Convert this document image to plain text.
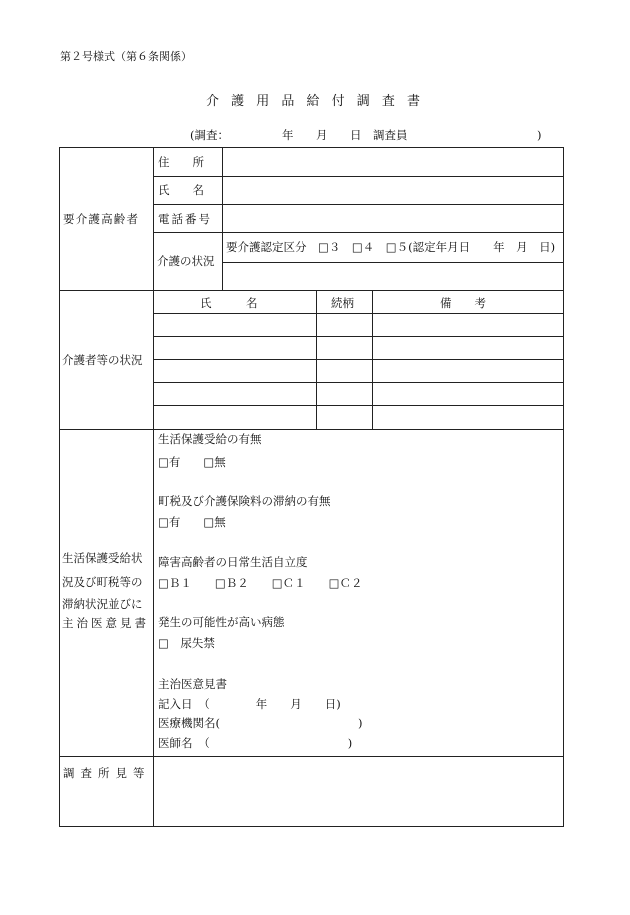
第２号様式（第６条関係）
介 護 用 品 給 付 調 査 書
(調査：	年 月 日 調査員	)
要介護高齢者
住　　所
氏　　名
電話番号
介護の状況
要介護認定区分　□３　□４　□５(認定年月日　　年　月　日)
介護者等の状況
氏　　　名	続柄	備　　考
生活保護受給状
況及び町税等の
滞納状況並びに
主治医意見書
生活保護受給の有無
□有　　□無
町税及び介護保険料の滞納の有無
□有　　□無
障害高齢者の日常生活自立度
□Ｂ１　　□Ｂ２　　□Ｃ１　　□Ｃ２
発生の可能性が高い病態
□　尿失禁
主治医意見書
記入日　（　　　　年　　月　　日)
医療機関名(　　　　　　　　　　　　)
医師名　（　　　　　　　　　　　　)
調査所見等
